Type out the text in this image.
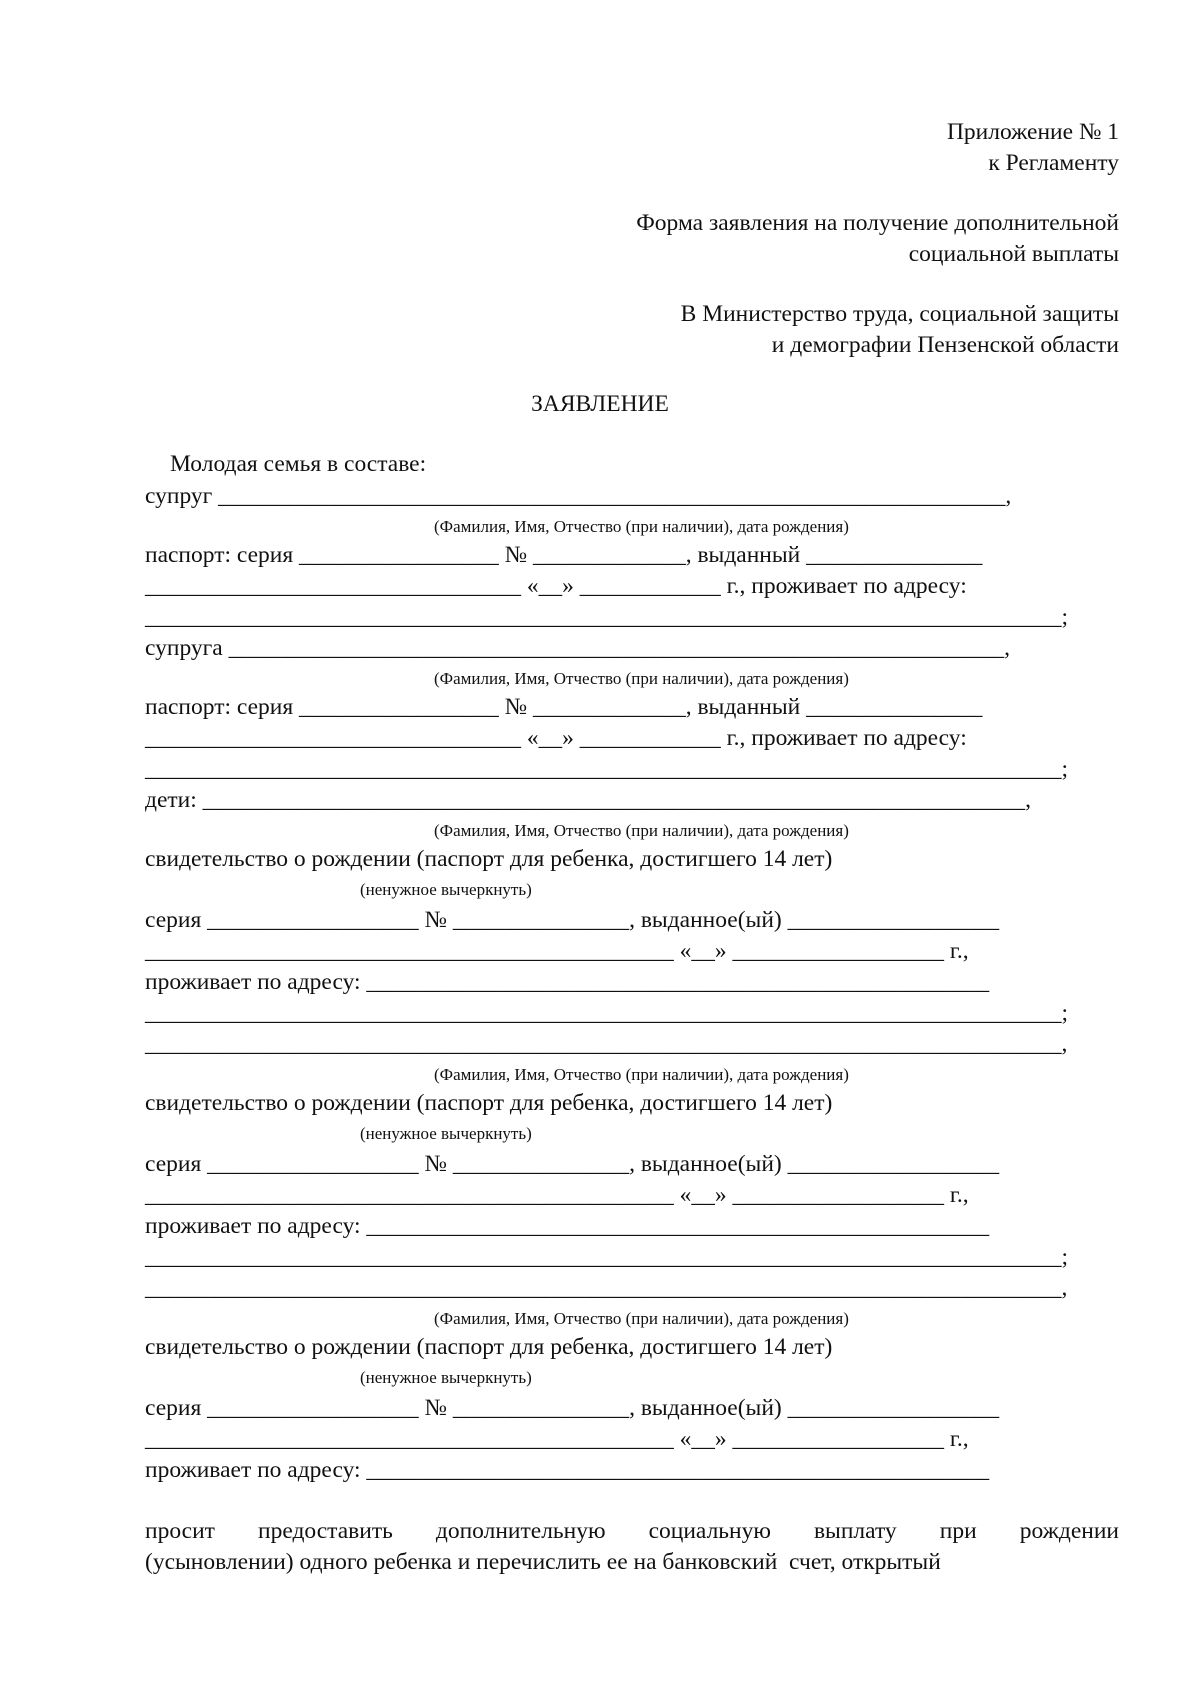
Приложение № 1
к Регламенту
Форма заявления на получение дополнительной
социальной выплаты
В Министерство труда, социальной защиты
и демографии Пензенской области
ЗАЯВЛЕНИЕ
Молодая семья в составе:
супруг ___________________________________________________________________,
(Фамилия, Имя, Отчество (при наличии), дата рождения)
паспорт: серия _________________ № _____________, выданный _______________
________________________________ «__» ____________ г., проживает по адресу:
______________________________________________________________________________;
супруга __________________________________________________________________,
(Фамилия, Имя, Отчество (при наличии), дата рождения)
паспорт: серия _________________ № _____________, выданный _______________
________________________________ «__» ____________ г., проживает по адресу:
______________________________________________________________________________;
дети: ______________________________________________________________________,
(Фамилия, Имя, Отчество (при наличии), дата рождения)
свидетельство о рождении (паспорт для ребенка, достигшего 14 лет)
(ненужное вычеркнуть)
серия __________________ № _______________, выданное(ый) __________________
_____________________________________________ «__» __________________ г.,
проживает по адресу: _____________________________________________________
______________________________________________________________________________;
______________________________________________________________________________,
(Фамилия, Имя, Отчество (при наличии), дата рождения)
свидетельство о рождении (паспорт для ребенка, достигшего 14 лет)
(ненужное вычеркнуть)
серия __________________ № _______________, выданное(ый) __________________
_____________________________________________ «__» __________________ г.,
проживает по адресу: _____________________________________________________
______________________________________________________________________________;
______________________________________________________________________________,
(Фамилия, Имя, Отчество (при наличии), дата рождения)
свидетельство о рождении (паспорт для ребенка, достигшего 14 лет)
(ненужное вычеркнуть)
серия __________________ № _______________, выданное(ый) __________________
_____________________________________________ «__» __________________ г.,
проживает по адресу: _____________________________________________________
просит предоставить дополнительную социальную выплату при рождении
(усыновлении) одного ребенка и перечислить ее на банковский  счет, открытый
